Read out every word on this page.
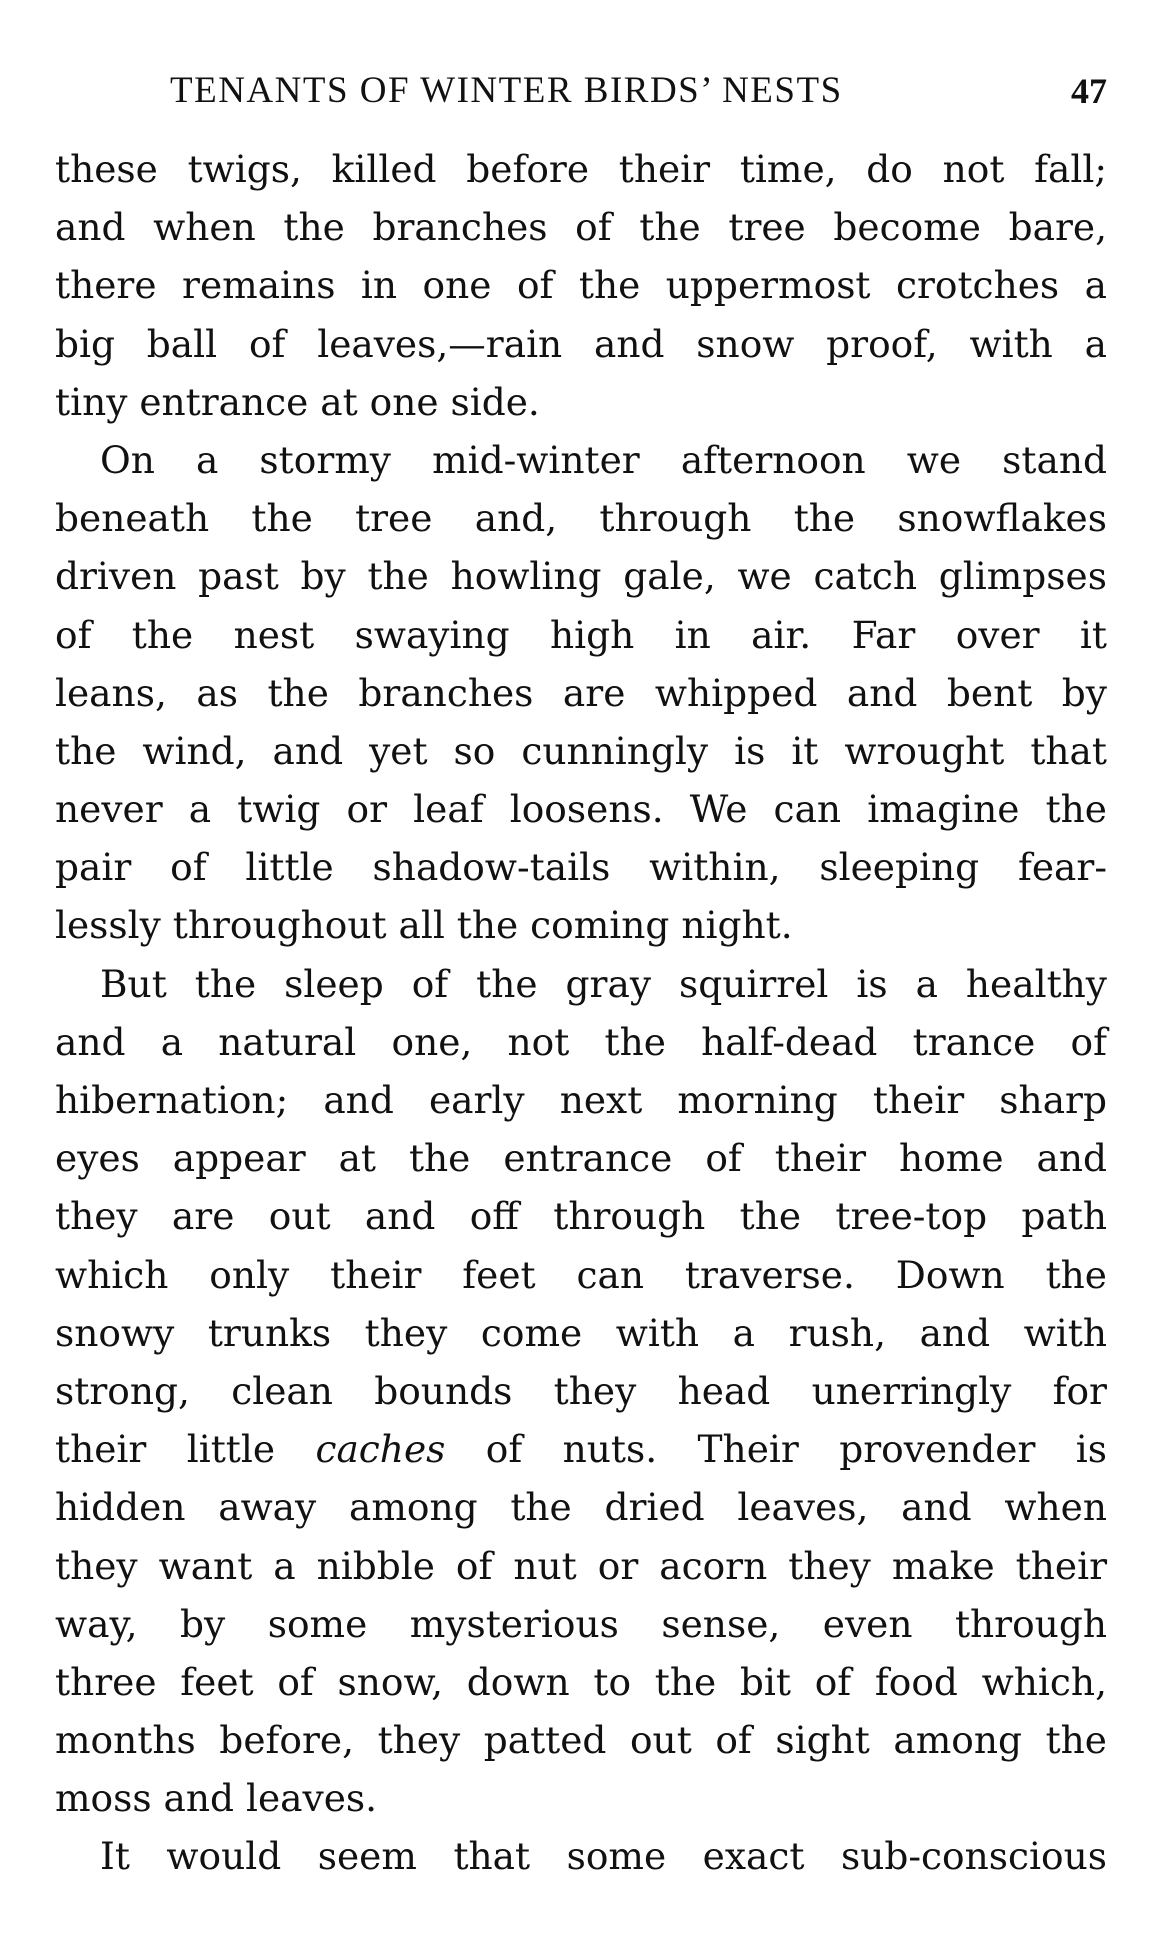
TENANTS OF WINTER BIRDS’ NESTS	47
these twigs, killed before their time, do not fall;
and when the branches of the tree become bare,
there remains in one of the uppermost crotches a
big ball of leaves,—rain and snow proof, with a
tiny entrance at one side.
On a stormy mid-winter afternoon we stand
beneath the tree and, through the snowflakes
driven past by the howling gale, we catch glimpses
of the nest swaying high in air. Far over it
leans, as the branches are whipped and bent by
the wind, and yet so cunningly is it wrought that
never a twig or leaf loosens. We can imagine the
pair of little shadow-tails within, sleeping fear-
lessly throughout all the coming night.
But the sleep of the gray squirrel is a healthy
and a natural one, not the half-dead trance of
hibernation; and early next morning their sharp
eyes appear at the entrance of their home and
they are out and off through the tree-top path
which only their feet can traverse. Down the
snowy trunks they come with a rush, and with
strong, clean bounds they head unerringly for
their little caches of nuts. Their provender is
hidden away among the dried leaves, and when
they want a nibble of nut or acorn they make their
way, by some mysterious sense, even through
three feet of snow, down to the bit of food which,
months before, they patted out of sight among the
moss and leaves.
It would seem that some exact sub-conscious
